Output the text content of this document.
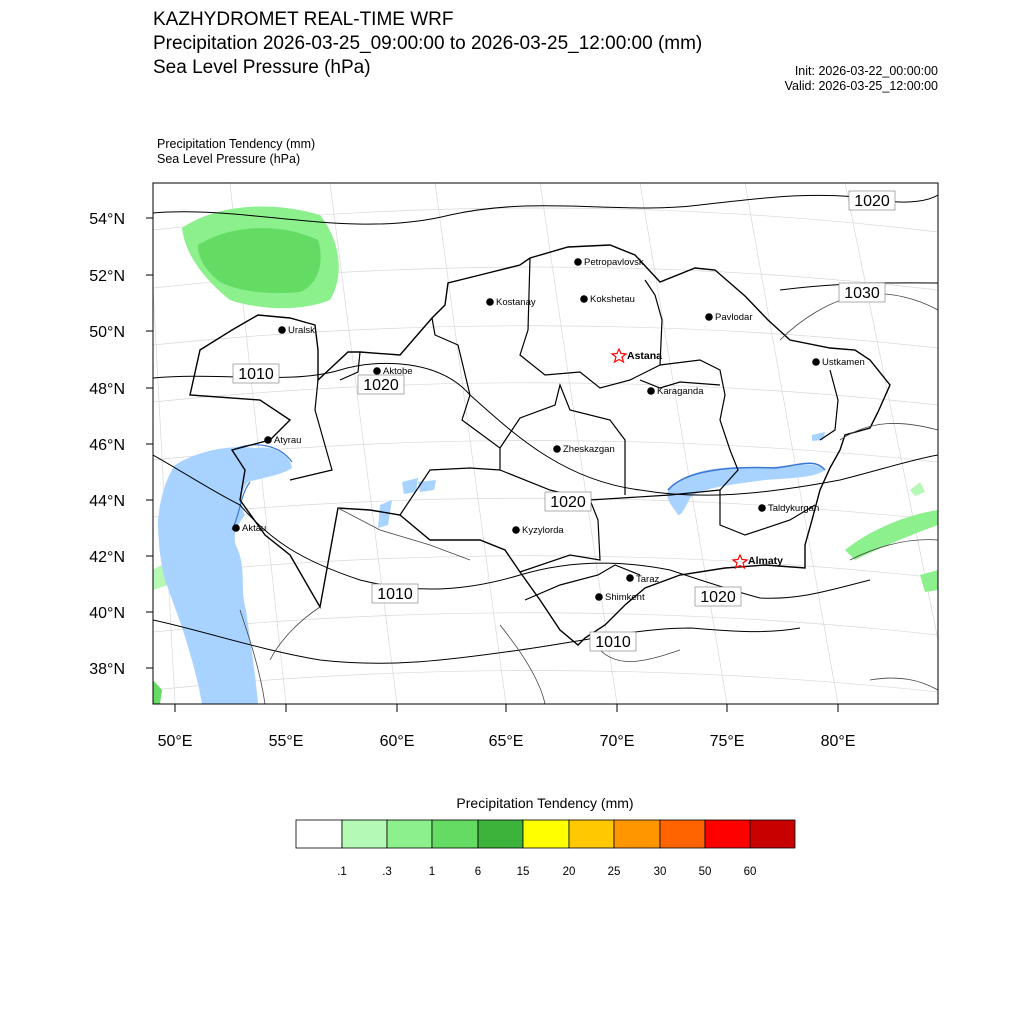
KAZHYDROMET REAL-TIME WRF
Precipitation 2026-03-25_09:00:00 to 2026-03-25_12:00:00 (mm)
Sea Level Pressure (hPa)	Init: 2026-03-22_00:00:00
Valid: 2026-03-25_12:00:00
Precipitation Tendency (mm)
Sea Level Pressure (hPa)
54°N
52°N
50°N
48°N
46°N
44°N
42°N
40°N
38°N
50°E	55°E	60°E	65°E	70°E	75°E	80°E
1020
1030
1010
1020
1020
1010	1020
1010
Petropavlovsk
Kostanay	Kokshetau
Pavlodar
Uralsk
Aktobe
Astana
Ustkamen
Karaganda
Atyrau
Zheskazgan
Taldykurgan
Aktau	Kyzylorda
Almaty
Taraz
Shimkent
Precipitation Tendency (mm)
.1	.3	1	6	15	20	25	30	50	60
